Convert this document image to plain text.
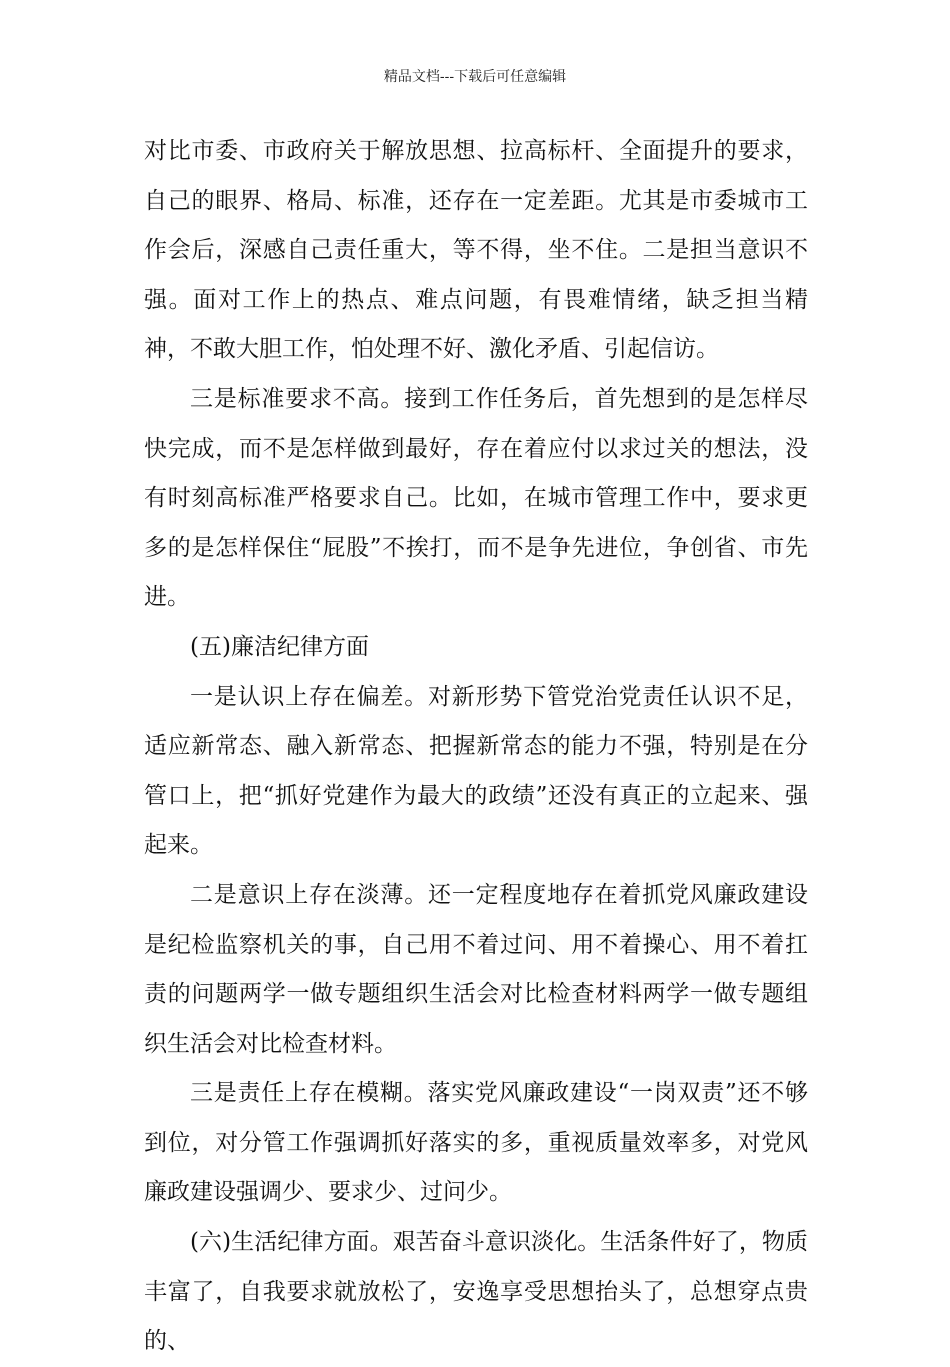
精品文档---下载后可任意编辑

对比市委、市政府关于解放思想、拉高标杆、全面提升的要求，自己的眼界、格局、标准，还存在一定差距。尤其是市委城市工作会后，深感自己责任重大，等不得，坐不住。二是担当意识不强。面对工作上的热点、难点问题，有畏难情绪，缺乏担当精神，不敢大胆工作，怕处理不好、激化矛盾、引起信访。

三是标准要求不高。接到工作任务后，首先想到的是怎样尽快完成，而不是怎样做到最好，存在着应付以求过关的想法，没有时刻高标准严格要求自己。比如，在城市管理工作中，要求更多的是怎样保住“屁股”不挨打，而不是争先进位，争创省、市先进。

(五)廉洁纪律方面

一是认识上存在偏差。对新形势下管党治党责任认识不足，适应新常态、融入新常态、把握新常态的能力不强，特别是在分管口上，把“抓好党建作为最大的政绩”还没有真正的立起来、强起来。

二是意识上存在淡薄。还一定程度地存在着抓党风廉政建设是纪检监察机关的事，自己用不着过问、用不着操心、用不着扛责的问题两学一做专题组织生活会对比检查材料两学一做专题组织生活会对比检查材料。

三是责任上存在模糊。落实党风廉政建设“一岗双责”还不够到位，对分管工作强调抓好落实的多，重视质量效率多，对党风廉政建设强调少、要求少、过问少。

(六)生活纪律方面。艰苦奋斗意识淡化。生活条件好了，物质丰富了，自我要求就放松了，安逸享受思想抬头了，总想穿点贵的、
